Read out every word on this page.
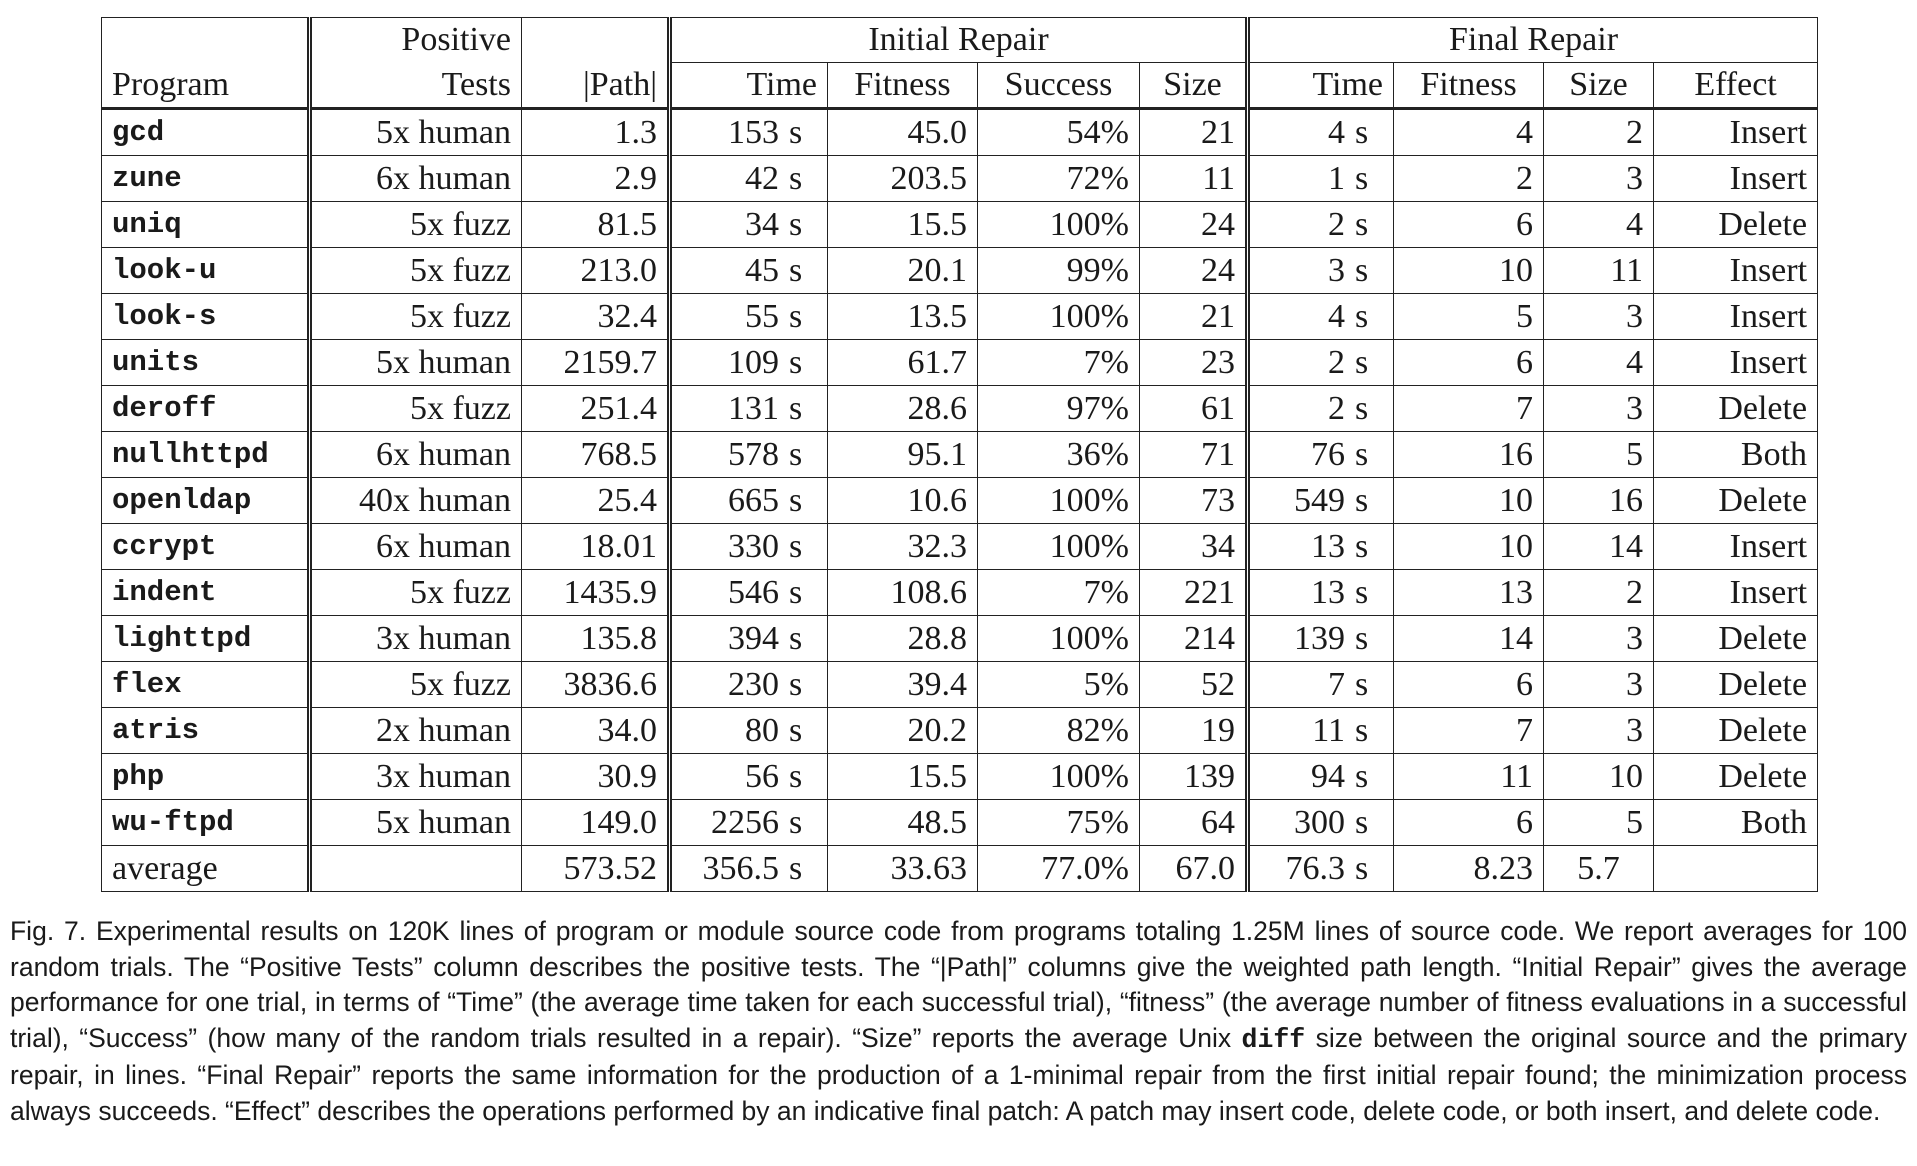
	Positive		Initial Repair				Final Repair			
Program	Tests	|Path|	Time	Fitness	Success	Size	Time	Fitness	Size	Effect
gcd	5x human	1.3	153 s	45.0	54%	21	4 s	4	2	Insert
zune	6x human	2.9	42 s	203.5	72%	11	1 s	2	3	Insert
uniq	5x fuzz	81.5	34 s	15.5	100%	24	2 s	6	4	Delete
look-u	5x fuzz	213.0	45 s	20.1	99%	24	3 s	10	11	Insert
look-s	5x fuzz	32.4	55 s	13.5	100%	21	4 s	5	3	Insert
units	5x human	2159.7	109 s	61.7	7%	23	2 s	6	4	Insert
deroff	5x fuzz	251.4	131 s	28.6	97%	61	2 s	7	3	Delete
nullhttpd	6x human	768.5	578 s	95.1	36%	71	76 s	16	5	Both
openldap	40x human	25.4	665 s	10.6	100%	73	549 s	10	16	Delete
ccrypt	6x human	18.01	330 s	32.3	100%	34	13 s	10	14	Insert
indent	5x fuzz	1435.9	546 s	108.6	7%	221	13 s	13	2	Insert
lighttpd	3x human	135.8	394 s	28.8	100%	214	139 s	14	3	Delete
flex	5x fuzz	3836.6	230 s	39.4	5%	52	7 s	6	3	Delete
atris	2x human	34.0	80 s	20.2	82%	19	11 s	7	3	Delete
php	3x human	30.9	56 s	15.5	100%	139	94 s	11	10	Delete
wu-ftpd	5x human	149.0	2256 s	48.5	75%	64	300 s	6	5	Both
average		573.52	356.5 s	33.63	77.0%	67.0	76.3 s	8.23	5.7	
Fig. 7. Experimental results on 120K lines of program or module source code from programs totaling 1.25M lines of source code. We report averages for 100 random trials. The “Positive Tests” column describes the positive tests. The “|Path|” columns give the weighted path length. “Initial Repair” gives the average performance for one trial, in terms of “Time” (the average time taken for each successful trial), “fitness” (the average number of fitness evaluations in a successful trial), “Success” (how many of the random trials resulted in a repair). “Size” reports the average Unix diff size between the original source and the primary repair, in lines. “Final Repair” reports the same information for the production of a 1-minimal repair from the first initial repair found; the minimization process always succeeds. “Effect” describes the operations performed by an indicative final patch: A patch may insert code, delete code, or both insert, and delete code.
